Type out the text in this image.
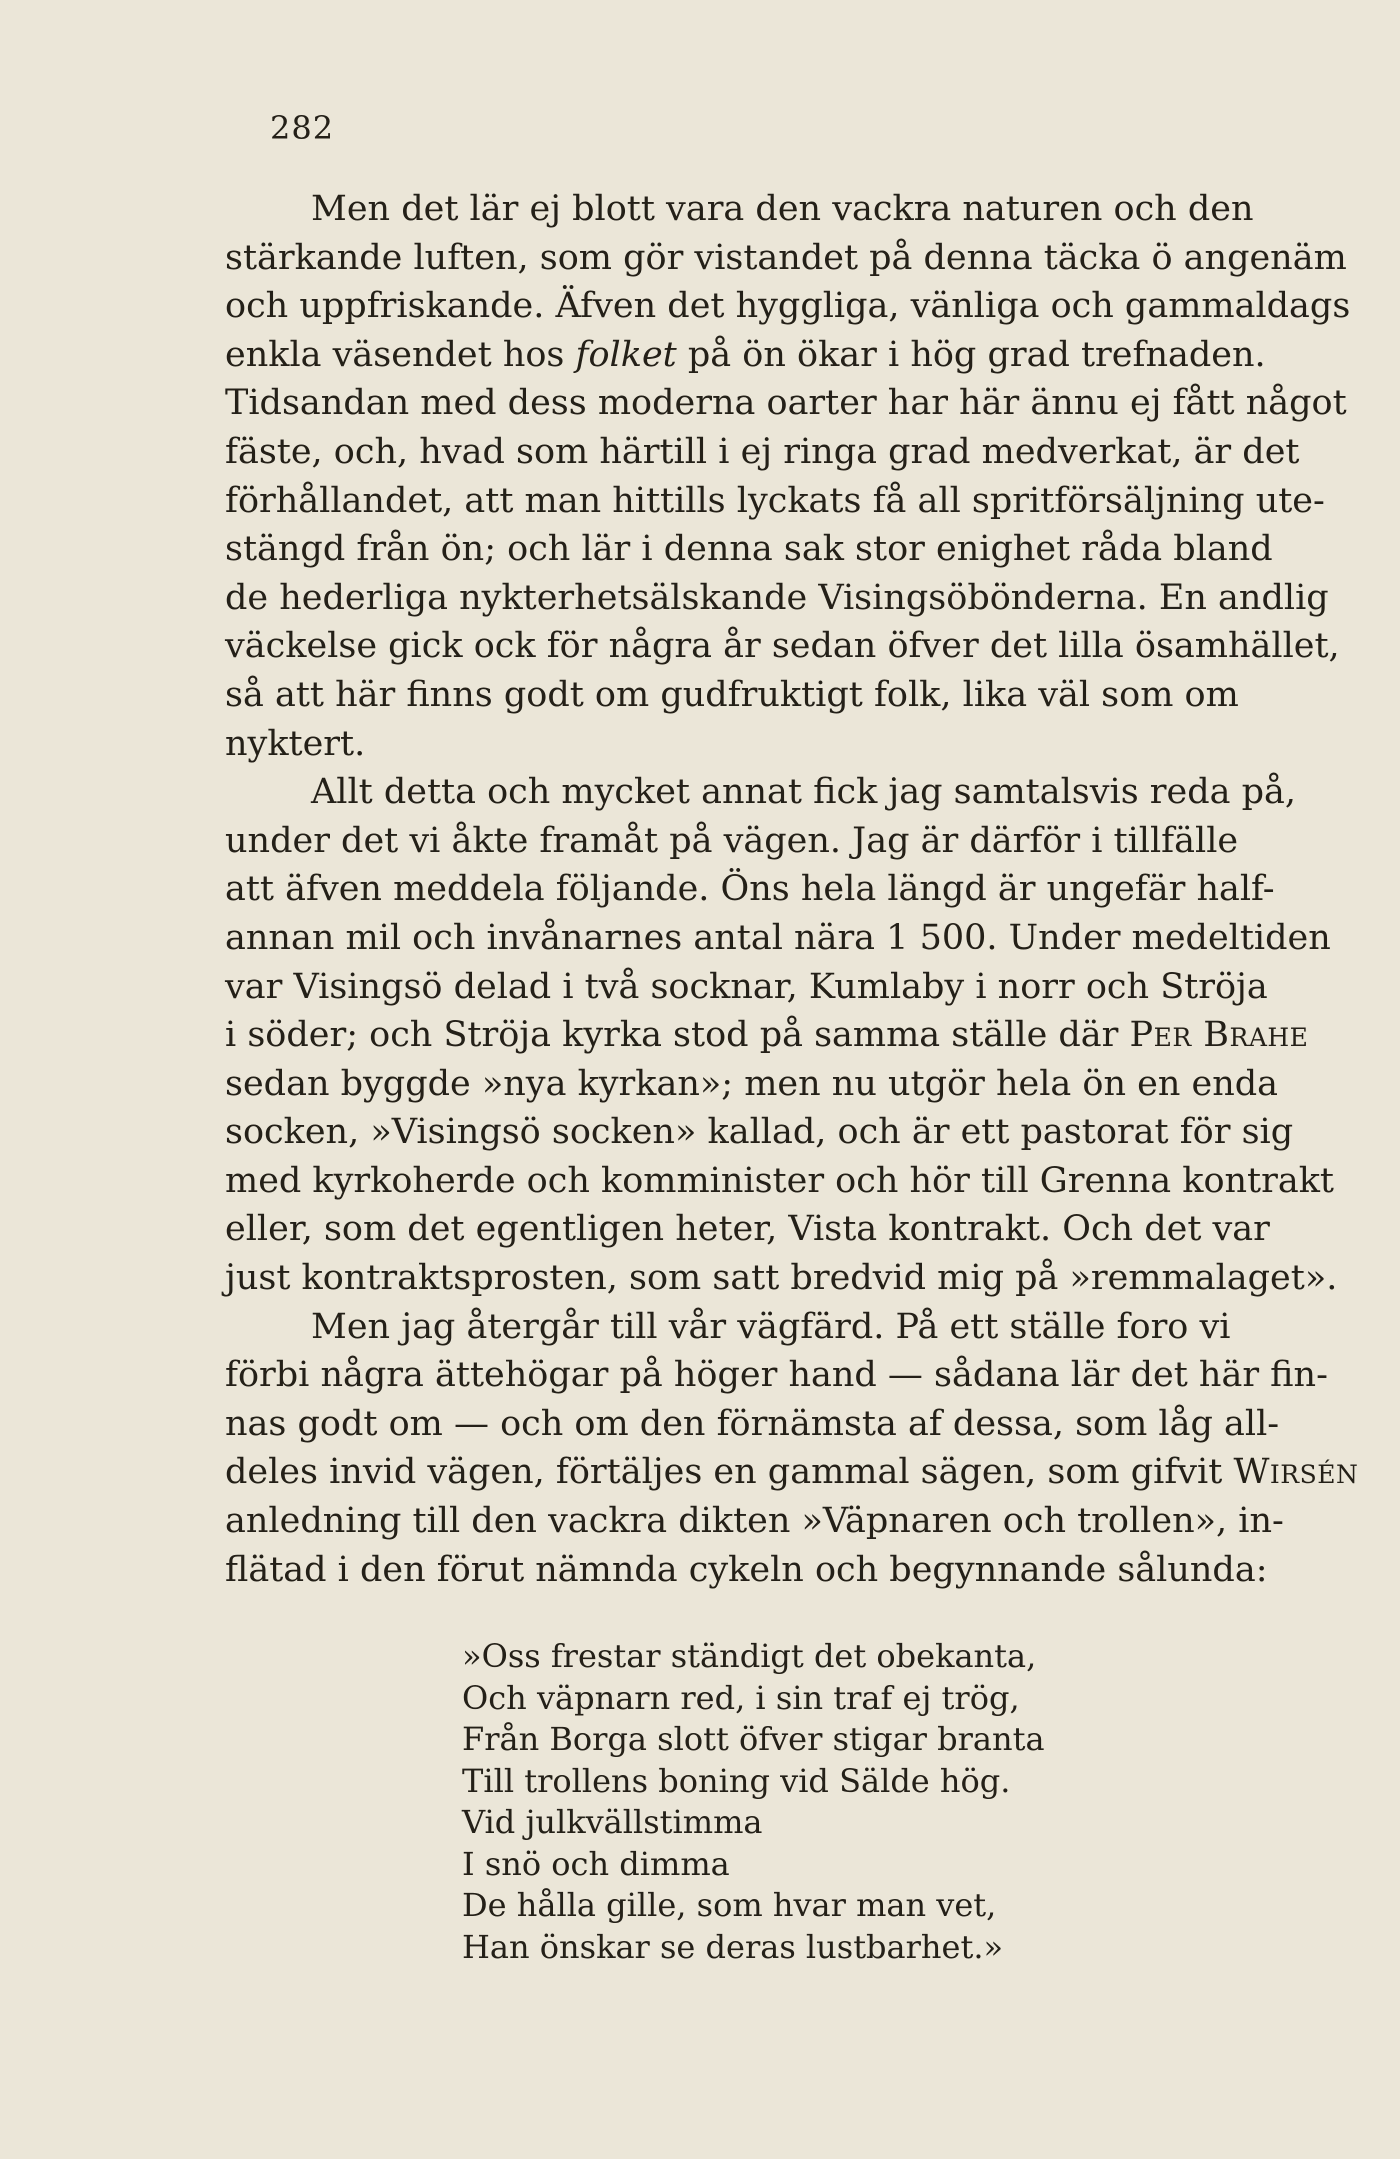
282
Men det lär ej blott vara den vackra naturen och den
stärkande luften, som gör vistandet på denna täcka ö angenäm
och uppfriskande. Äfven det hyggliga, vänliga och gammaldags
enkla väsendet hos folket på ön ökar i hög grad trefnaden.
Tidsandan med dess moderna oarter har här ännu ej fått något
fäste, och, hvad som härtill i ej ringa grad medverkat, är det
förhållandet, att man hittills lyckats få all spritförsäljning ute-
stängd från ön; och lär i denna sak stor enighet råda bland
de hederliga nykterhetsälskande Visingsöbönderna. En andlig
väckelse gick ock för några år sedan öfver det lilla ösamhället,
så att här finns godt om gudfruktigt folk, lika väl som om
nyktert.
Allt detta och mycket annat fick jag samtalsvis reda på,
under det vi åkte framåt på vägen. Jag är därför i tillfälle
att äfven meddela följande. Öns hela längd är ungefär half-
annan mil och invånarnes antal nära 1 500. Under medeltiden
var Visingsö delad i två socknar, Kumlaby i norr och Ströja
i söder; och Ströja kyrka stod på samma ställe där Per Brahe
sedan byggde »nya kyrkan»; men nu utgör hela ön en enda
socken, »Visingsö socken» kallad, och är ett pastorat för sig
med kyrkoherde och komminister och hör till Grenna kontrakt
eller, som det egentligen heter, Vista kontrakt. Och det var
just kontraktsprosten, som satt bredvid mig på »remmalaget».
Men jag återgår till vår vägfärd. På ett ställe foro vi
förbi några ättehögar på höger hand — sådana lär det här fin-
nas godt om — och om den förnämsta af dessa, som låg all-
deles invid vägen, förtäljes en gammal sägen, som gifvit Wirsén
anledning till den vackra dikten »Väpnaren och trollen», in-
flätad i den förut nämnda cykeln och begynnande sålunda:
»Oss frestar ständigt det obekanta,
Och väpnarn red, i sin traf ej trög,
Från Borga slott öfver stigar branta
Till trollens boning vid Sälde hög.
Vid julkvällstimma
I snö och dimma
De hålla gille, som hvar man vet,
Han önskar se deras lustbarhet.»
